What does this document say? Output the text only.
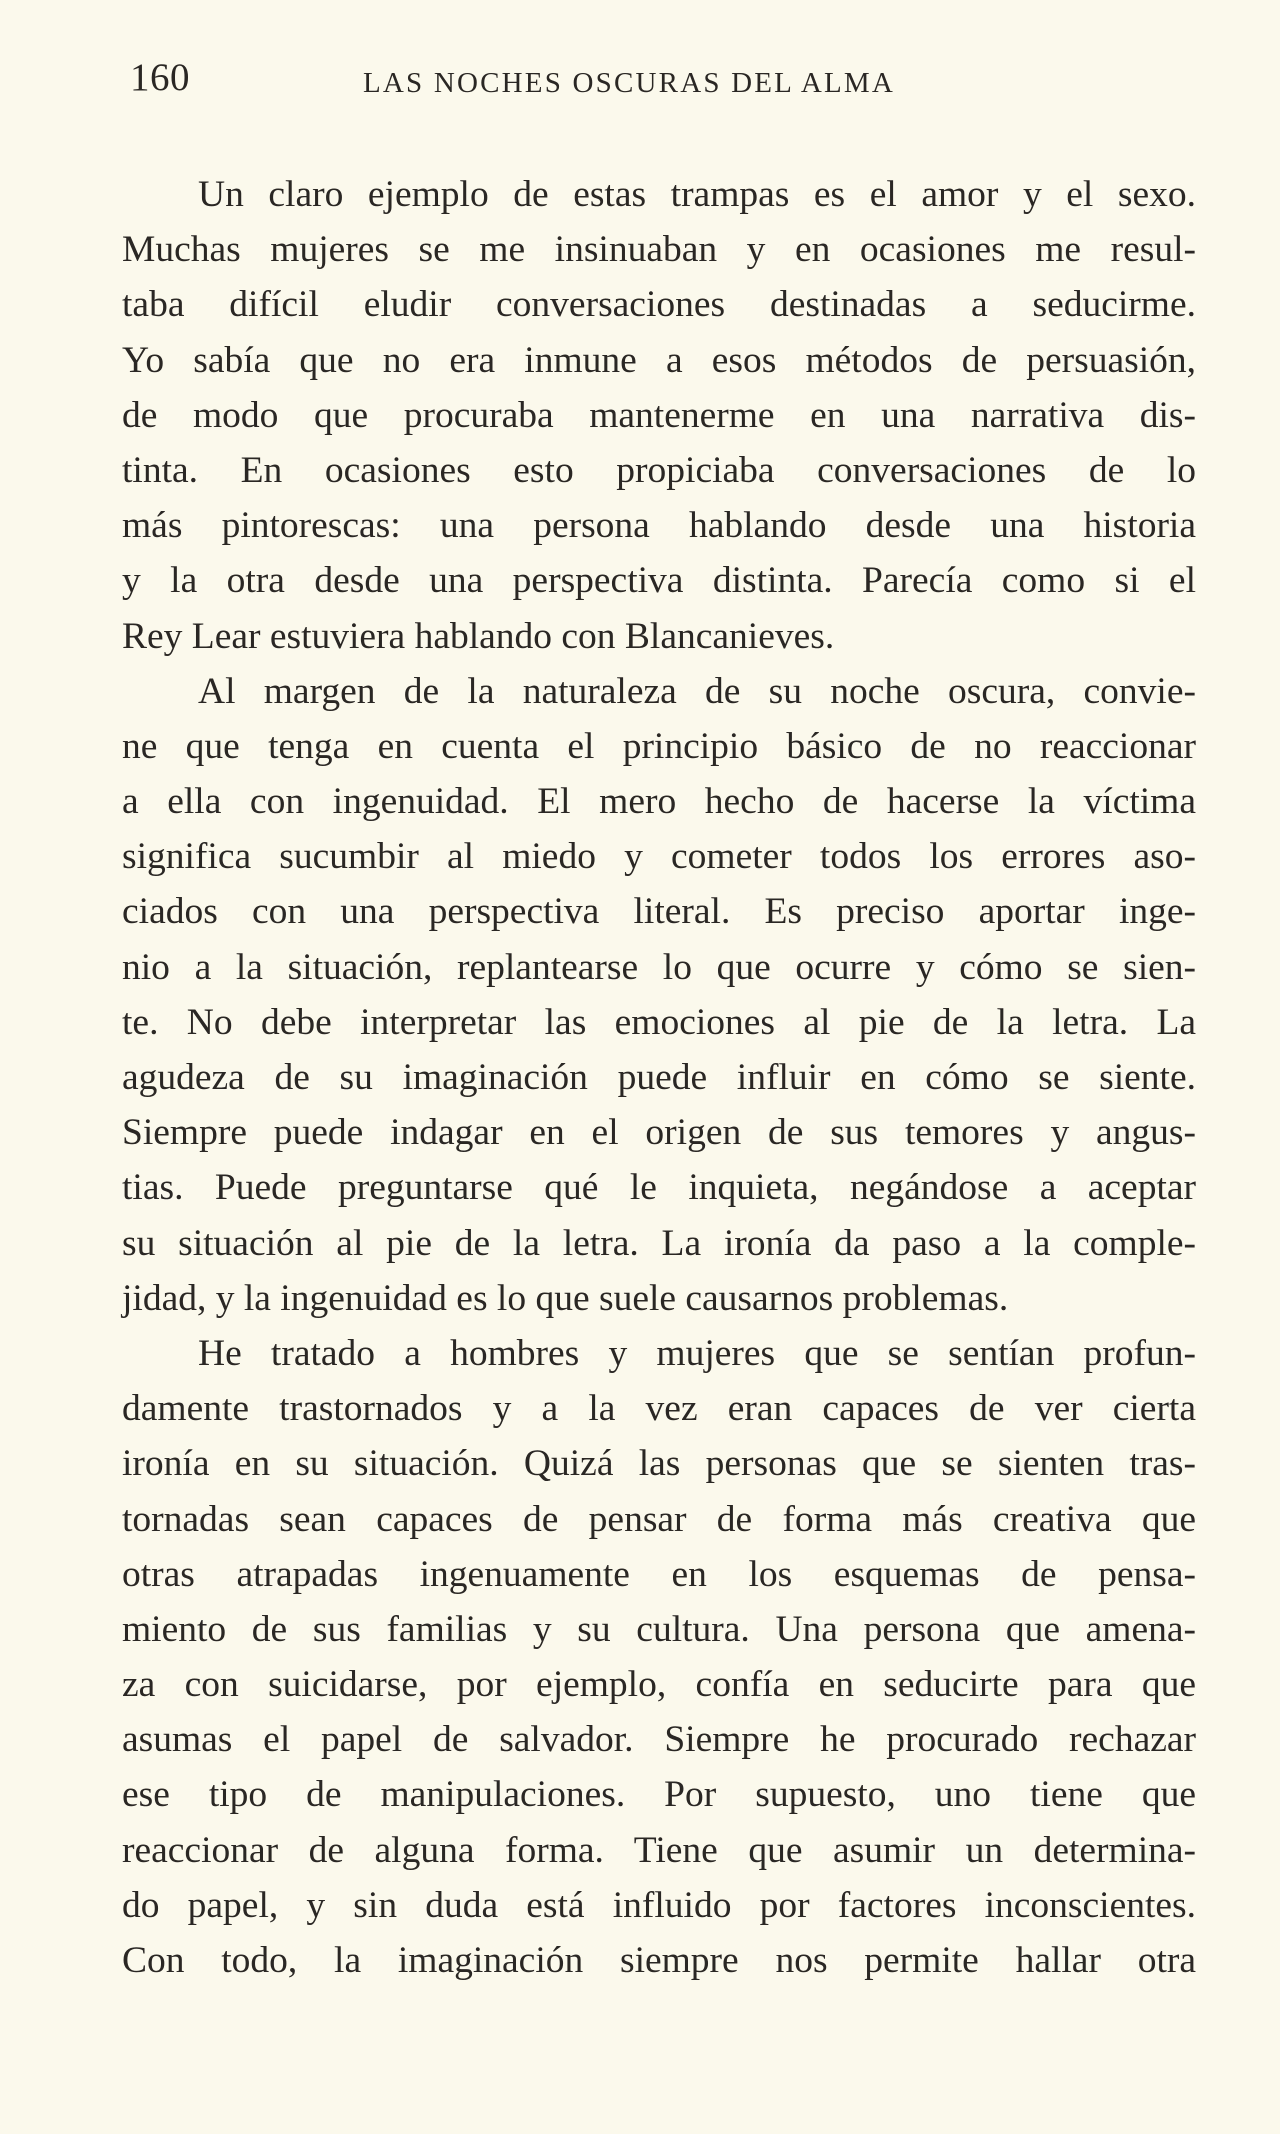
160	LAS NOCHES OSCURAS DEL ALMA
Un claro ejemplo de estas trampas es el amor y el sexo.
Muchas mujeres se me insinuaban y en ocasiones me resul-
taba difícil eludir conversaciones destinadas a seducirme.
Yo sabía que no era inmune a esos métodos de persuasión,
de modo que procuraba mantenerme en una narrativa dis-
tinta. En ocasiones esto propiciaba conversaciones de lo
más pintorescas: una persona hablando desde una historia
y la otra desde una perspectiva distinta. Parecía como si el
Rey Lear estuviera hablando con Blancanieves.
Al margen de la naturaleza de su noche oscura, convie-
ne que tenga en cuenta el principio básico de no reaccionar
a ella con ingenuidad. El mero hecho de hacerse la víctima
significa sucumbir al miedo y cometer todos los errores aso-
ciados con una perspectiva literal. Es preciso aportar inge-
nio a la situación, replantearse lo que ocurre y cómo se sien-
te. No debe interpretar las emociones al pie de la letra. La
agudeza de su imaginación puede influir en cómo se siente.
Siempre puede indagar en el origen de sus temores y angus-
tias. Puede preguntarse qué le inquieta, negándose a aceptar
su situación al pie de la letra. La ironía da paso a la comple-
jidad, y la ingenuidad es lo que suele causarnos problemas.
He tratado a hombres y mujeres que se sentían profun-
damente trastornados y a la vez eran capaces de ver cierta
ironía en su situación. Quizá las personas que se sienten tras-
tornadas sean capaces de pensar de forma más creativa que
otras atrapadas ingenuamente en los esquemas de pensa-
miento de sus familias y su cultura. Una persona que amena-
za con suicidarse, por ejemplo, confía en seducirte para que
asumas el papel de salvador. Siempre he procurado rechazar
ese tipo de manipulaciones. Por supuesto, uno tiene que
reaccionar de alguna forma. Tiene que asumir un determina-
do papel, y sin duda está influido por factores inconscientes.
Con todo, la imaginación siempre nos permite hallar otra
